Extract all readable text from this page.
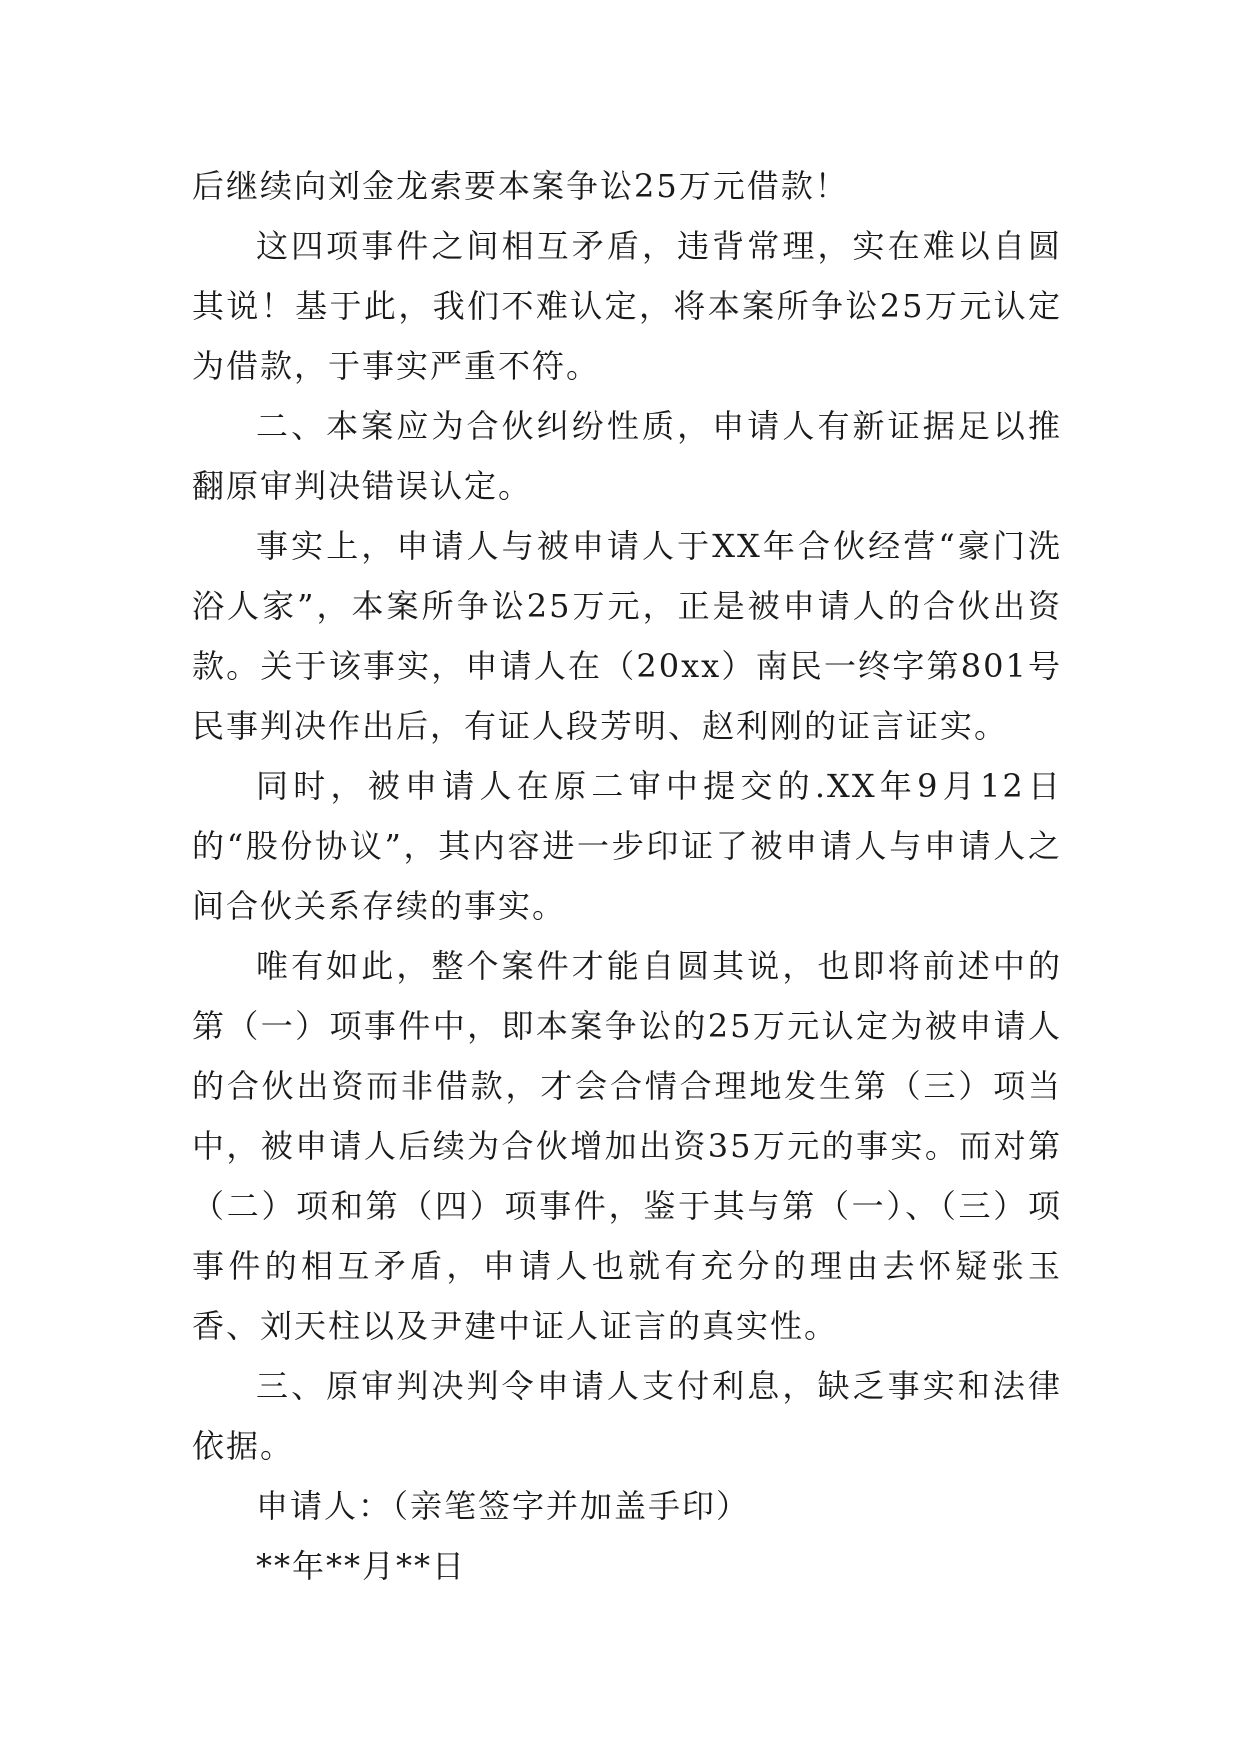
后继续向刘金龙索要本案争讼25万元借款！

这四项事件之间相互矛盾，违背常理，实在难以自圆其说！基于此，我们不难认定，将本案所争讼25万元认定为借款，于事实严重不符。

二、本案应为合伙纠纷性质，申请人有新证据足以推翻原审判决错误认定。

事实上，申请人与被申请人于XX年合伙经营“豪门洗浴人家”，本案所争讼25万元，正是被申请人的合伙出资款。关于该事实，申请人在（20xx）南民一终字第801号民事判决作出后，有证人段芳明、赵利刚的证言证实。

同时，被申请人在原二审中提交的.XX年9月12日的“股份协议”，其内容进一步印证了被申请人与申请人之间合伙关系存续的事实。

唯有如此，整个案件才能自圆其说，也即将前述中的第（一）项事件中，即本案争讼的25万元认定为被申请人的合伙出资而非借款，才会合情合理地发生第（三）项当中，被申请人后续为合伙增加出资35万元的事实。而对第（二）项和第（四）项事件，鉴于其与第（一）、（三）项事件的相互矛盾，申请人也就有充分的理由去怀疑张玉香、刘天柱以及尹建中证人证言的真实性。

三、原审判决判令申请人支付利息，缺乏事实和法律依据。

申请人：（亲笔签字并加盖手印）

**年**月**日
